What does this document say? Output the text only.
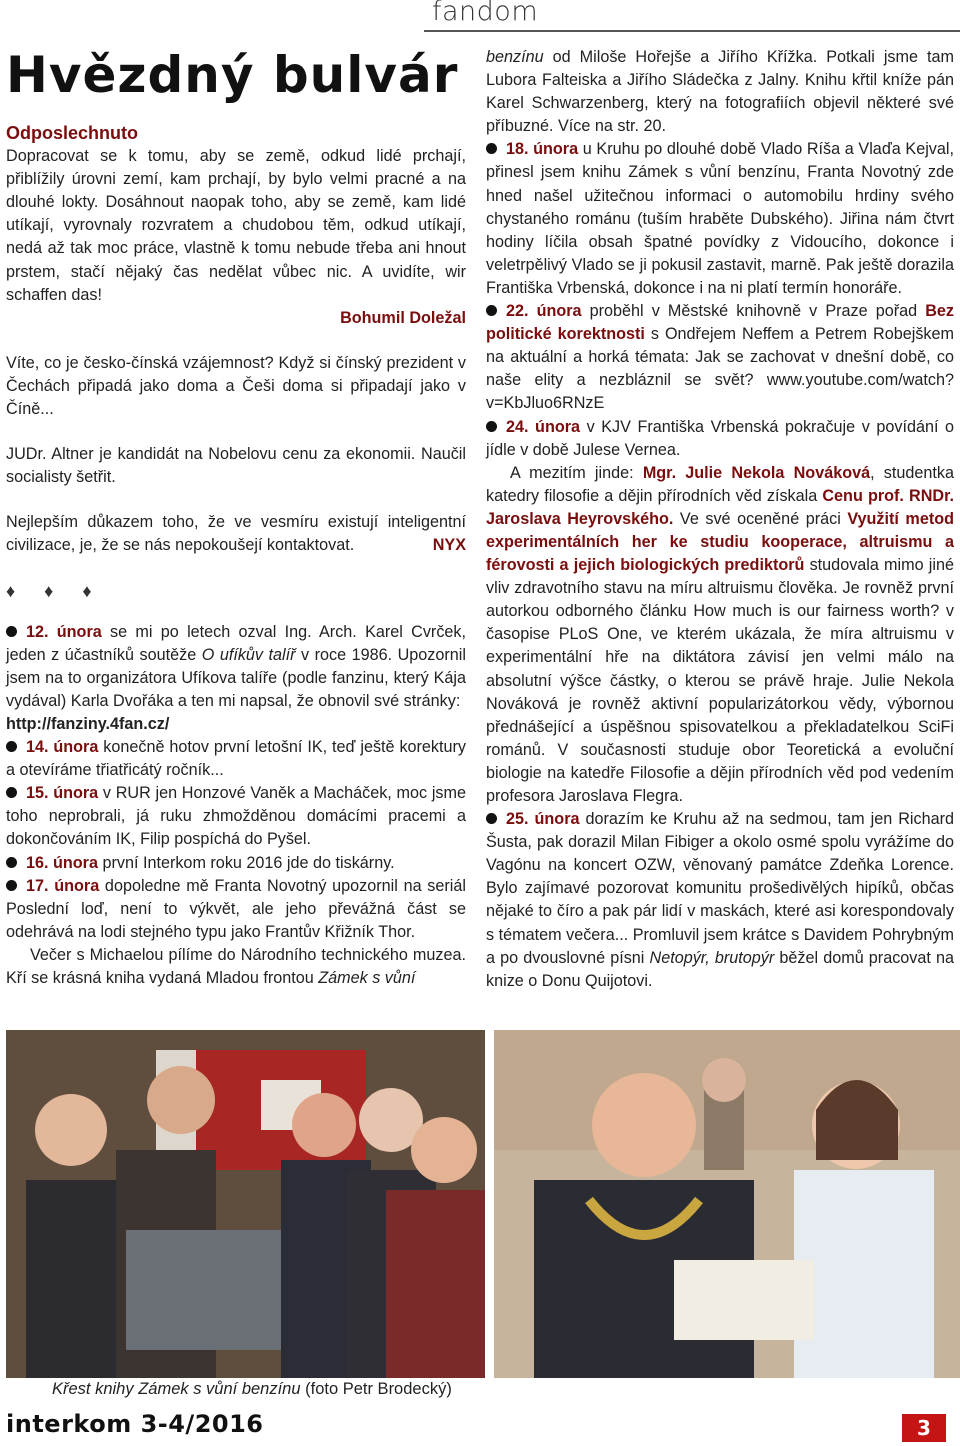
fandom
Hvězdný bulvár

Odposlechnuto

Dopracovat se k tomu, aby se země, odkud lidé prchají, přiblížily úrovni zemí, kam prchají, by bylo velmi pracné a na dlouhé lokty. Dosáhnout naopak toho, aby se země, kam lidé utíkají, vyrovnaly rozvratem a chudobou těm, odkud utíkají, nedá až tak moc práce, vlastně k tomu nebude třeba ani hnout prstem, stačí nějaký čas nedělat vůbec nic. A uvidíte, wir schaffen das!

Bohumil Doležal

Víte, co je česko-čínská vzájemnost? Když si čínský prezident v Čechách připadá jako doma a Češi doma si připadají jako v Číně...

JUDr. Altner je kandidát na Nobelovu cenu za ekonomii. Naučil socialisty šetřit.

Nejlepším důkazem toho, že ve vesmíru existují inteligentní civilizace, je, že se nás nepokoušejí kontaktovat.	NYX

♦ ♦ ♦

12. února se mi po letech ozval Ing. Arch. Karel Cvrček, jeden z účastníků soutěže O ufíkův talíř v roce 1986. Upozornil jsem na to organizátora Ufíkova talíře (podle fanzinu, který Kája vydával) Karla Dvořáka a ten mi napsal, že obnovil své stránky:

http://fanziny.4fan.cz/

14. února konečně hotov první letošní IK, teď ještě korektury a otevíráme třiatřicátý ročník...

15. února v RUR jen Honzové Vaněk a Macháček, moc jsme toho neprobrali, já ruku zhmožděnou domácími pracemi a dokončováním IK, Filip pospíchá do Pyšel.

16. února první Interkom roku 2016 jde do tiskárny.

17. února dopoledne mě Franta Novotný upozornil na seriál Poslední loď, není to výkvět, ale jeho převážná část se odehrává na lodi stejného typu jako Frantův Křižník Thor.

Večer s Michaelou pílíme do Národního technického muzea. Kří se krásná kniha vydaná Mladou frontou Zámek s vůní

benzínu od Miloše Hořejše a Jiřího Křížka. Potkali jsme tam Lubora Falteiska a Jiřího Sládečka z Jalny. Knihu křtil kníže pán Karel Schwarzenberg, který na fotografiích objevil některé své příbuzné. Více na str. 20.

18. února u Kruhu po dlouhé době Vlado Ríša a Vlaďa Kejval, přinesl jsem knihu Zámek s vůní benzínu, Franta Novotný zde hned našel užitečnou informaci o automobilu hrdiny svého chystaného románu (tuším hraběte Dubského). Jiřina nám čtvrt hodiny líčila obsah špatné povídky z Vidoucího, dokonce i veletrpělivý Vlado se ji pokusil zastavit, marně. Pak ještě dorazila Františka Vrbenská, dokonce i na ni platí termín honoráře.

22. února proběhl v Městské knihovně v Praze pořad Bez politické korektnosti s Ondřejem Neffem a Petrem Robejškem na aktuální a horká témata: Jak se zachovat v dnešní době, co naše elity a nezbláznil se svět? www.youtube.com/watch?v=KbJluo6RNzE

24. února v KJV Františka Vrbenská pokračuje v povídání o jídle v době Julese Vernea.

A mezitím jinde: Mgr. Julie Nekola Nováková, studentka katedry filosofie a dějin přírodních věd získala Cenu prof. RNDr. Jaroslava Heyrovského. Ve své oceněné práci Využití metod experimentálních her ke studiu kooperace, altruismu a férovosti a jejich biologických prediktorů studovala mimo jiné vliv zdravotního stavu na míru altruismu člověka. Je rovněž první autorkou odborného článku How much is our fairness worth? v časopise PLoS One, ve kterém ukázala, že míra altruismu v experimentální hře na diktátora závisí jen velmi málo na absolutní výšce částky, o kterou se právě hraje. Julie Nekola Nováková je rovněž aktivní popularizátorkou vědy, výbornou přednášející a úspěšnou spisovatelkou a překladatelkou SciFi románů. V současnosti studuje obor Teoretická a evoluční biologie na katedře Filosofie a dějin přírodních věd pod vedením profesora Jaroslava Flegra.

25. února dorazím ke Kruhu až na sedmou, tam jen Richard Šusta, pak dorazil Milan Fibiger a okolo osmé spolu vyrážíme do Vagónu na koncert OZW, věnovaný památce Zdeňka Lorence. Bylo zajímavé pozorovat komunitu prošedivělých hipíků, občas nějaké to číro a pak pár lidí v maskách, které asi korespondovaly s tématem večera... Promluvil jsem krátce s Davidem Pohrybným a po dvouslovné písni Netopýr, brutopýr běžel domů pracovat na knize o Donu Quijotovi.

Křest knihy Zámek s vůní benzínu (foto Petr Brodecký)
interkom 3-4/2016	3
